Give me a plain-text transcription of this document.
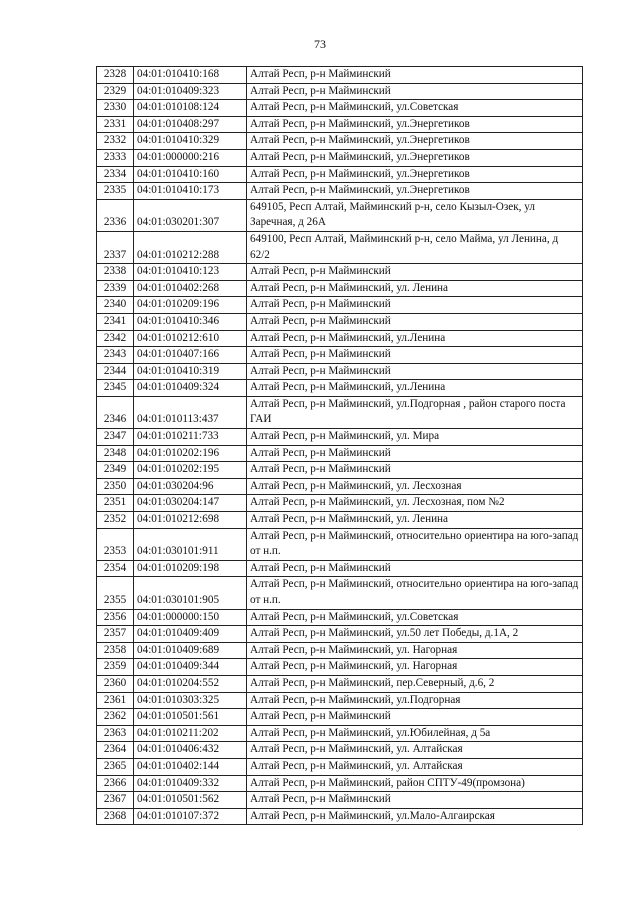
73
2328	04:01:010410:168	Алтай Респ, р-н Майминский
2329	04:01:010409:323	Алтай Респ, р-н Майминский
2330	04:01:010108:124	Алтай Респ, р-н Майминский, ул.Советская
2331	04:01:010408:297	Алтай Респ, р-н Майминский, ул.Энергетиков
2332	04:01:010410:329	Алтай Респ, р-н Майминский, ул.Энергетиков
2333	04:01:000000:216	Алтай Респ, р-н Майминский, ул.Энергетиков
2334	04:01:010410:160	Алтай Респ, р-н Майминский, ул.Энергетиков
2335	04:01:010410:173	Алтай Респ, р-н Майминский, ул.Энергетиков
2336	04:01:030201:307	649105, Респ Алтай, Майминский р-н, село Кызыл-Озек, ул Заречная, д 26А
2337	04:01:010212:288	649100, Респ Алтай, Майминский р-н, село Майма, ул Ленина, д 62/2
2338	04:01:010410:123	Алтай Респ, р-н Майминский
2339	04:01:010402:268	Алтай Респ, р-н Майминский, ул. Ленина
2340	04:01:010209:196	Алтай Респ, р-н Майминский
2341	04:01:010410:346	Алтай Респ, р-н Майминский
2342	04:01:010212:610	Алтай Респ, р-н Майминский, ул.Ленина
2343	04:01:010407:166	Алтай Респ, р-н Майминский
2344	04:01:010410:319	Алтай Респ, р-н Майминский
2345	04:01:010409:324	Алтай Респ, р-н Майминский, ул.Ленина
2346	04:01:010113:437	Алтай Респ, р-н Майминский, ул.Подгорная , район старого поста ГАИ
2347	04:01:010211:733	Алтай Респ, р-н Майминский, ул. Мира
2348	04:01:010202:196	Алтай Респ, р-н Майминский
2349	04:01:010202:195	Алтай Респ, р-н Майминский
2350	04:01:030204:96	Алтай Респ, р-н Майминский, ул. Лесхозная
2351	04:01:030204:147	Алтай Респ, р-н Майминский, ул. Лесхозная, пом №2
2352	04:01:010212:698	Алтай Респ, р-н Майминский, ул. Ленина
2353	04:01:030101:911	Алтай Респ, р-н Майминский, относительно ориентира на юго-запад от н.п.
2354	04:01:010209:198	Алтай Респ, р-н Майминский
2355	04:01:030101:905	Алтай Респ, р-н Майминский, относительно ориентира на юго-запад от н.п.
2356	04:01:000000:150	Алтай Респ, р-н Майминский, ул.Советская
2357	04:01:010409:409	Алтай Респ, р-н Майминский, ул.50 лет Победы, д.1А, 2
2358	04:01:010409:689	Алтай Респ, р-н Майминский, ул. Нагорная
2359	04:01:010409:344	Алтай Респ, р-н Майминский, ул. Нагорная
2360	04:01:010204:552	Алтай Респ, р-н Майминский, пер.Северный, д.6, 2
2361	04:01:010303:325	Алтай Респ, р-н Майминский, ул.Подгорная
2362	04:01:010501:561	Алтай Респ, р-н Майминский
2363	04:01:010211:202	Алтай Респ, р-н Майминский, ул.Юбилейная, д 5а
2364	04:01:010406:432	Алтай Респ, р-н Майминский, ул. Алтайская
2365	04:01:010402:144	Алтай Респ, р-н Майминский, ул. Алтайская
2366	04:01:010409:332	Алтай Респ, р-н Майминский, район СПТУ-49(промзона)
2367	04:01:010501:562	Алтай Респ, р-н Майминский
2368	04:01:010107:372	Алтай Респ, р-н Майминский, ул.Мало-Алгаирская
